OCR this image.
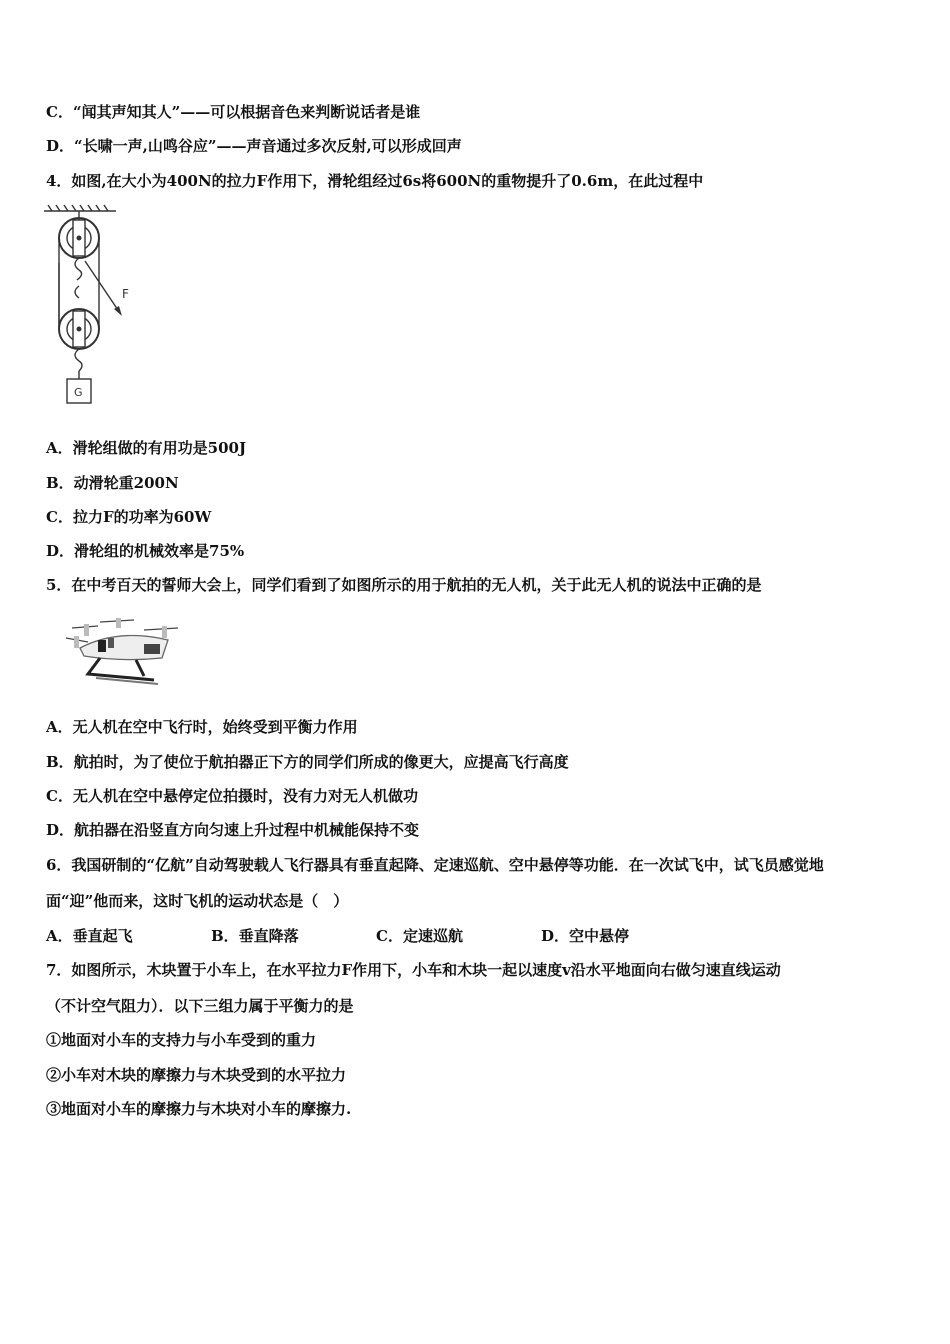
C．“闻其声知其人”——可以根据音色来判断说话者是谁
D．“长啸一声,山鸣谷应”——声音通过多次反射,可以形成回声
4．如图,在大小为400N的拉力F作用下，滑轮组经过6s将600N的重物提升了0.6m，在此过程中
F
G
A．滑轮组做的有用功是500J
B．动滑轮重200N
C．拉力F的功率为60W
D．滑轮组的机械效率是75%
5．在中考百天的誓师大会上，同学们看到了如图所示的用于航拍的无人机，关于此无人机的说法中正确的是
A．无人机在空中飞行时，始终受到平衡力作用
B．航拍时，为了使位于航拍器正下方的同学们所成的像更大，应提高飞行高度
C．无人机在空中悬停定位拍摄时，没有力对无人机做功
D．航拍器在沿竖直方向匀速上升过程中机械能保持不变
6．我国研制的“亿航”自动驾驶载人飞行器具有垂直起降、定速巡航、空中悬停等功能．在一次试飞中，试飞员感觉地
面“迎”他而来，这时飞机的运动状态是（　）
A．垂直起飞	B．垂直降落	C．定速巡航	D．空中悬停
7．如图所示，木块置于小车上，在水平拉力F作用下，小车和木块一起以速度v沿水平地面向右做匀速直线运动
（不计空气阻力）．以下三组力属于平衡力的是
①地面对小车的支持力与小车受到的重力
②小车对木块的摩擦力与木块受到的水平拉力
③地面对小车的摩擦力与木块对小车的摩擦力.
